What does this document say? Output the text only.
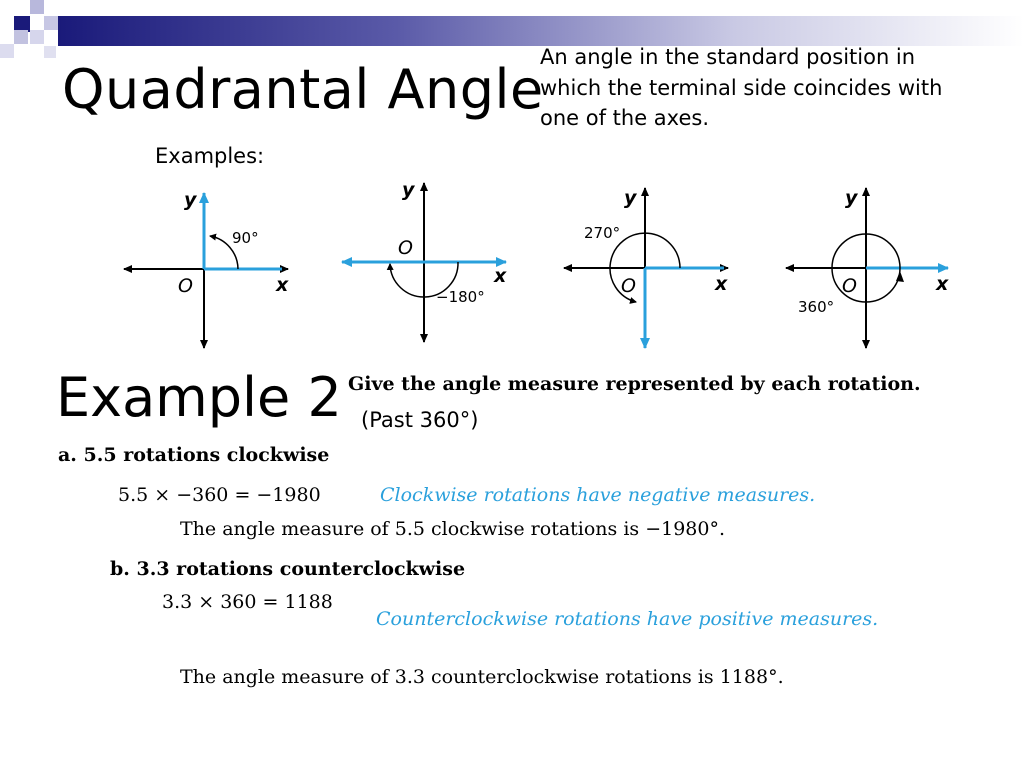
Quadrantal Angle
An angle in the standard position in which the terminal side coincides with one of the axes.
Examples:
y
x
O
90°
y
x
O
−180°
y
x
O
270°
y
x
O
360°
Example 2 Give the angle measure represented by each rotation.
(Past 360°)
a. 5.5 rotations clockwise
5.5 × −360 = −1980	Clockwise rotations have negative measures.
The angle measure of 5.5 clockwise rotations is −1980°.
b. 3.3 rotations counterclockwise
3.3 × 360 = 1188
Counterclockwise rotations have positive measures.
The angle measure of 3.3 counterclockwise rotations is 1188°.
